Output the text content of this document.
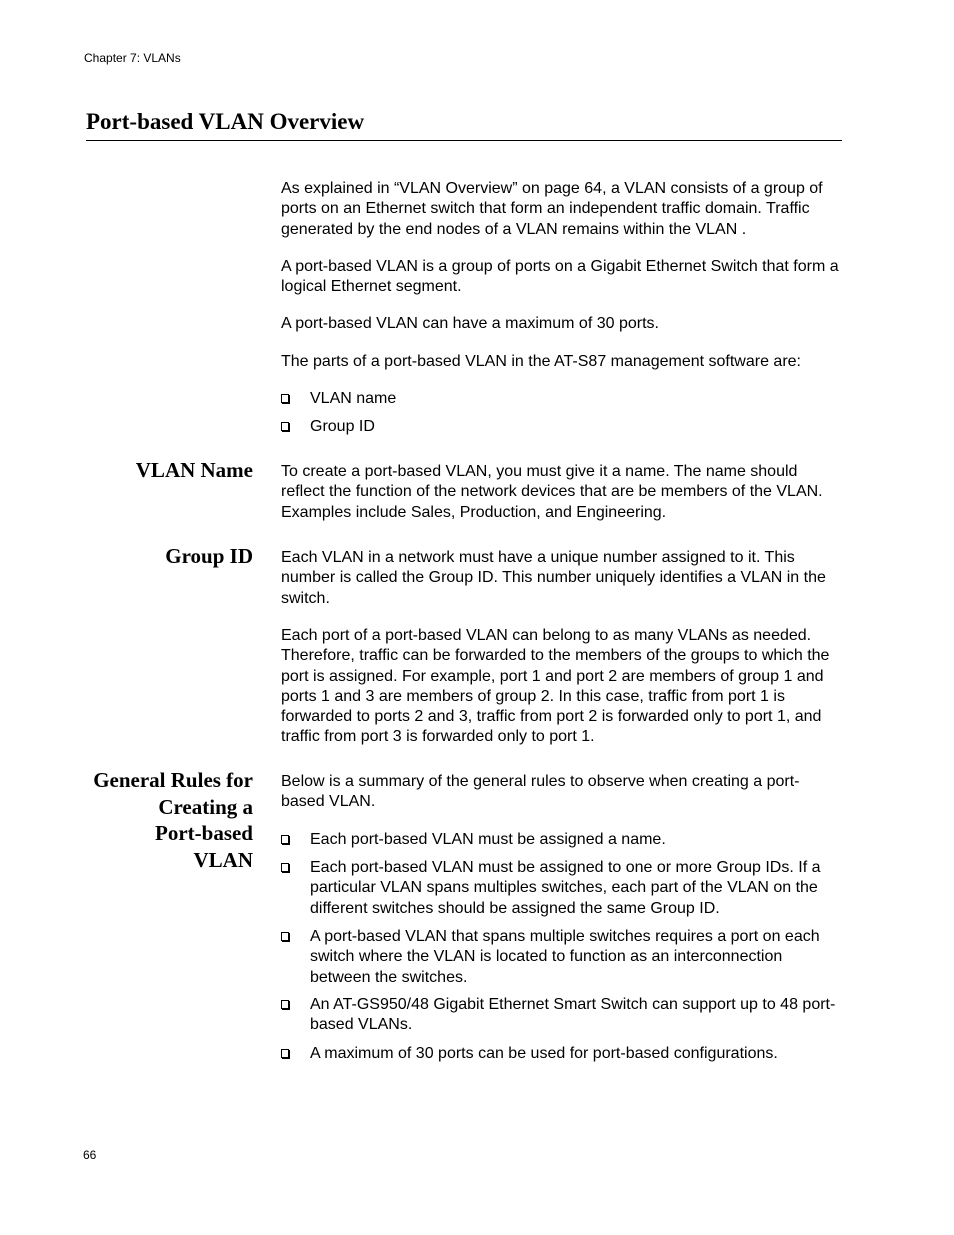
Chapter 7: VLANs
Port-based VLAN Overview

As explained in “VLAN Overview” on page 64, a VLAN consists of a group of ports on an Ethernet switch that form an independent traffic domain. Traffic generated by the end nodes of a VLAN remains within the VLAN .

A port-based VLAN is a group of ports on a Gigabit Ethernet Switch that form a logical Ethernet segment.

A port-based VLAN can have a maximum of 30 ports.

The parts of a port-based VLAN in the AT-S87 management software are:

VLAN name
Group ID
VLAN Name To create a port-based VLAN, you must give it a name. The name should reflect the function of the network devices that are be members of the VLAN. Examples include Sales, Production, and Engineering.

Group ID Each VLAN in a network must have a unique number assigned to it. This number is called the Group ID. This number uniquely identifies a VLAN in the switch.

Each port of a port-based VLAN can belong to as many VLANs as needed. Therefore, traffic can be forwarded to the members of the groups to which the port is assigned. For example, port 1 and port 2 are members of group 1 and ports 1 and 3 are members of group 2. In this case, traffic from port 1 is forwarded to ports 2 and 3, traffic from port 2 is forwarded only to port 1, and traffic from port 3 is forwarded only to port 1.

General Rules for
Creating a
Port-based
VLAN

Below is a summary of the general rules to observe when creating a port-based VLAN.

Each port-based VLAN must be assigned a name.
Each port-based VLAN must be assigned to one or more Group IDs. If a particular VLAN spans multiples switches, each part of the VLAN on the different switches should be assigned the same Group ID.
A port-based VLAN that spans multiple switches requires a port on each switch where the VLAN is located to function as an interconnection between the switches.
An AT-GS950/48 Gigabit Ethernet Smart Switch can support up to 48 port-based VLANs.
A maximum of 30 ports can be used for port-based configurations.
66
